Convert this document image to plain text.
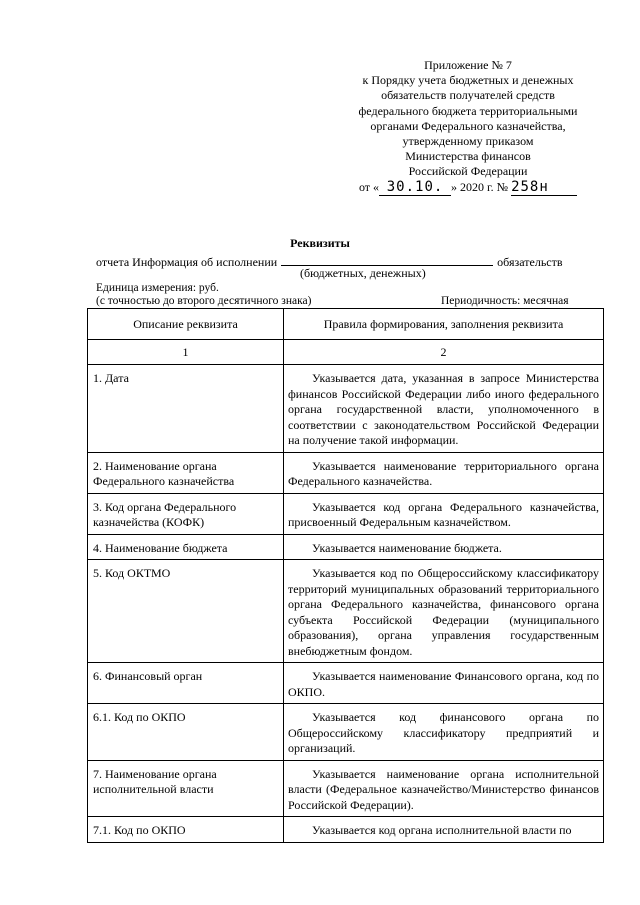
Приложение № 7
к Порядку учета бюджетных и денежных
обязательств получателей средств
федерального бюджета территориальными
органами Федерального казначейства,
утвержденному приказом
Министерства финансов
Российской Федерации
от « 30.10. » 2020 г. № 258н
Реквизиты
отчета Информация об исполнении	обязательств
(бюджетных, денежных)
Единица измерения: руб.
(с точностью до второго десятичного знака)	Периодичность: месячная
Описание реквизита	Правила формирования, заполнения реквизита
1	2
1. Дата	Указывается дата, указанная в запросе Министерства финансов Российской Федерации либо иного федерального органа государственной власти, уполномоченного в соответствии с законодательством Российской Федерации на получение такой информации.
2. Наименование органа Федерального казначейства	Указывается наименование территориального органа Федерального казначейства.
3. Код органа Федерального казначейства (КОФК)	Указывается код органа Федерального казначейства, присвоенный Федеральным казначейством.
4. Наименование бюджета	Указывается наименование бюджета.
5. Код ОКТМО	Указывается код по Общероссийскому классификатору территорий муниципальных образований территориального органа Федерального казначейства, финансового органа субъекта Российской Федерации (муниципального образования), органа управления государственным внебюджетным фондом.
6. Финансовый орган	Указывается наименование Финансового органа, код по ОКПО.
6.1. Код по ОКПО	Указывается код финансового органа по Общероссийскому классификатору предприятий и организаций.
7. Наименование органа исполнительной власти	Указывается наименование органа исполнительной власти (Федеральное казначейство/Министерство финансов Российской Федерации).
7.1. Код по ОКПО	Указывается код органа исполнительной власти по
